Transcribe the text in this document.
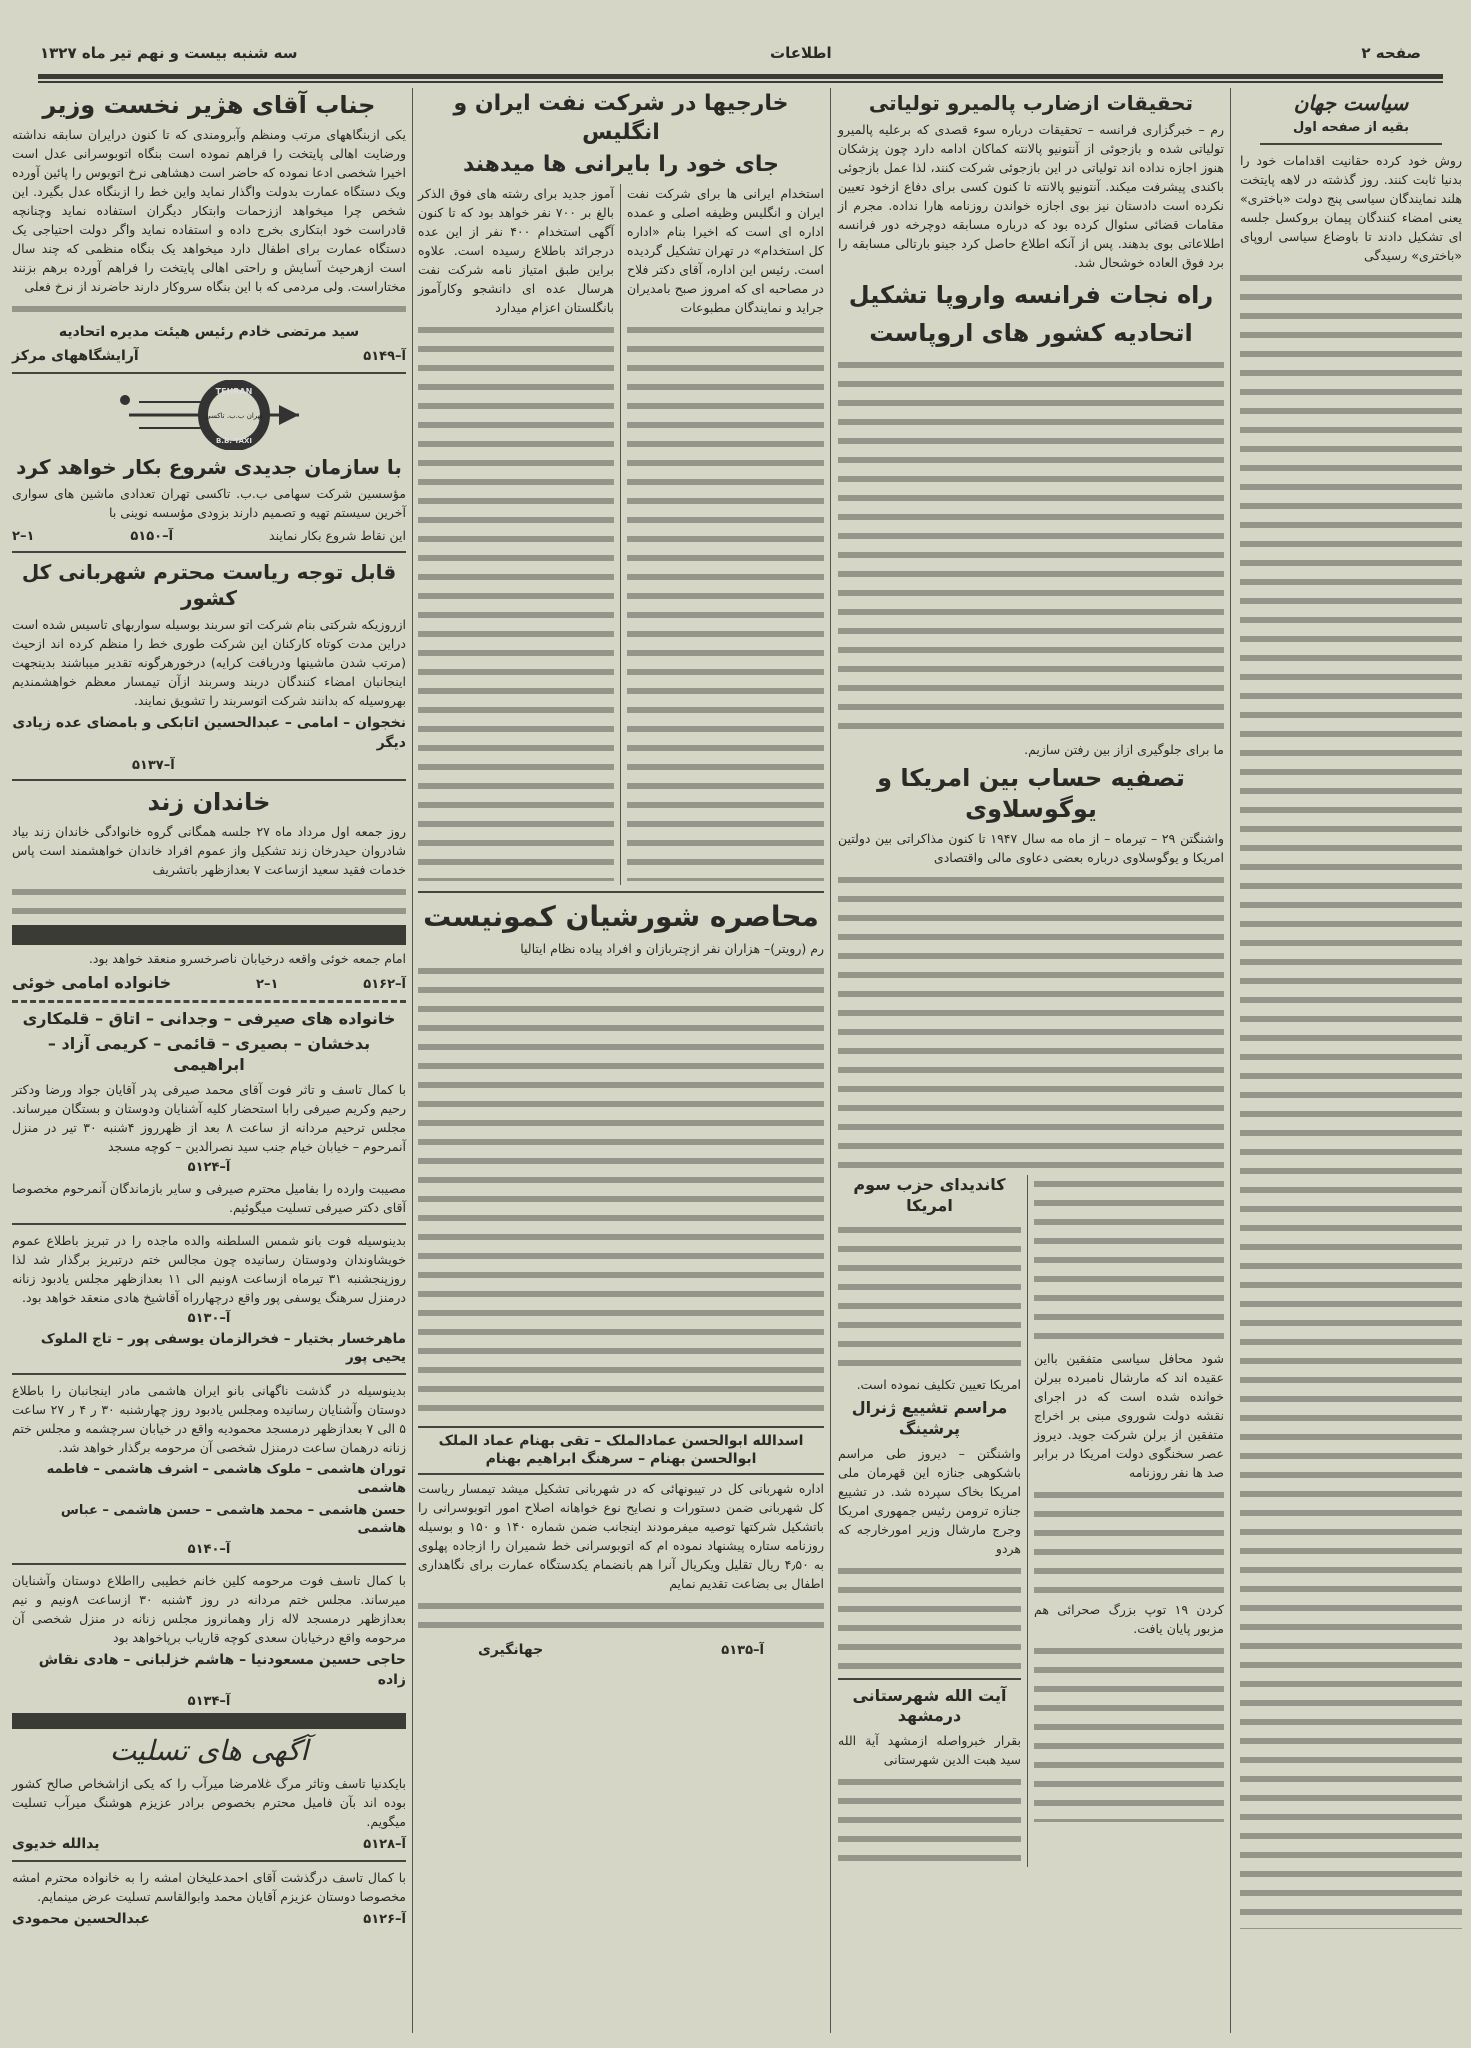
صفحه ۲
اطلاعات
سه شنبه بیست و نهم تیر ماه ۱۳۲۷
سیاست جهان
بقیه از صفحه اول
روش خود کرده حقانیت اقدامات خود را بدنیا ثابت کنند. روز گذشته در لاهه پایتخت هلند نمایندگان سیاسی پنج دولت «باختری» یعنی امضاء کنندگان پیمان بروکسل جلسه ای تشکیل دادند تا باوضاع سیاسی اروپای «باختری» رسیدگی
تحقیقات ازضارب پالمیرو تولیاتی
رم – خبرگزاری فرانسه – تحقیقات درباره سوء قصدی که برعلیه پالمیرو تولیاتی شده و بازجوئی از آنتونیو پالانته کماکان ادامه دارد چون پزشکان هنوز اجازه نداده اند تولیاتی در این بازجوئی شرکت کنند، لذا عمل بازجوئی باکندی پیشرفت میکند. آنتونیو پالانته تا کنون کسی برای دفاع ازخود تعیین نکرده است دادستان نیز بوی اجازه خواندن روزنامه هارا نداده. مجرم از مقامات قضائی سئوال کرده بود که درباره مسابقه دوچرخه دور فرانسه اطلاعاتی بوی بدهند. پس از آنکه اطلاع حاصل کرد جینو بارتالی مسابقه را برد فوق العاده خوشحال شد.
راه نجات فرانسه واروپا تشکیل اتحادیه کشور های اروپاست
ما برای جلوگیری ازاز بین رفتن سازیم.
تصفیه حساب بین امریکا و یوگوسلاوی
واشنگتن ۲۹ – تیرماه – از ماه مه سال ۱۹۴۷ تا کنون مذاکراتی بین دولتین امریکا و یوگوسلاوی درباره بعضی دعاوی مالی واقتصادی
شود محافل سیاسی متفقین بااین عقیده اند که مارشال نامبرده ببرلن خوانده شده است که در اجرای نقشه دولت شوروی مبنی بر اخراج متفقین از برلن شرکت جوید. دیروز عصر سخنگوی دولت امریکا در برابر صد ها نفر روزنامه
کردن ۱۹ توپ بزرگ صحرائی هم مزبور پایان یافت.
کاندیدای حزب سوم امریکا
امریکا تعیین تکلیف نموده است.
مراسم تشییع ژنرال پرشینگ
واشنگتن – دیروز طی مراسم باشکوهی جنازه این قهرمان ملی امریکا بخاک سپرده شد. در تشییع جنازه ترومن رئیس جمهوری امریکا وجرج مارشال وزیر امورخارجه که هردو
آیت الله شهرستانی درمشهد
بقرار خبرواصله ازمشهد آیة الله سید هبت الدین شهرستانی
خارجیها در شرکت نفت ایران و انگلیس
جای خود را بایرانی ها میدهند
استخدام ایرانی ها برای شرکت نفت ایران و انگلیس وظیفه اصلی و عمده اداره ای است که اخیرا بنام «اداره کل استخدام» در تهران تشکیل گردیده است. رئیس این اداره، آقای دکتر فلاح در مصاحبه ای که امروز صبح بامدیران جراید و نمایندگان مطبوعات
آموز جدید برای رشته های فوق الذکر بالغ بر ۷۰۰ نفر خواهد بود که تا کنون آگهی استخدام ۴۰۰ نفر از این عده درجرائد باطلاع رسیده است. علاوه براین طبق امتیاز نامه شرکت نفت هرسال عده ای دانشجو وکارآموز بانگلستان اعزام میدارد
محاصره شورشیان کمونیست
رم (رویتر)– هزاران نفر ازچتربازان و افراد پیاده نظام ایتالیا
اسدالله ابوالحسن عمادالملک – تقی بهنام عماد الملک
ابوالحسن بهنام – سرهنگ ابراهیم بهنام
اداره شهربانی کل در تیبونهائی که در شهربانی تشکیل میشد تیمسار ریاست کل شهربانی ضمن دستورات و نصایح نوع خواهانه اصلاح امور اتوبوسرانی را باتشکیل شرکتها توصیه میفرمودند اینجانب ضمن شماره ۱۴۰ و ۱۵۰ و بوسیله روزنامه ستاره پیشنهاد نموده ام که اتوبوسرانی خط شمیران را ازجاده پهلوی به ۴٫۵۰ ریال تقلیل ویکریال آنرا هم بانضمام یکدستگاه عمارت برای نگاهداری اطفال بی بضاعت تقدیم نمایم
آ–۵۱۳۵
جهانگیری
جناب آقای هژیر نخست وزیر
یکی ازبنگاههای مرتب ومنظم وآبرومندی که تا کنون درایران سابقه نداشته ورضایت اهالی پایتخت را فراهم نموده است بنگاه اتوبوسرانی عدل است اخیرا شخصی ادعا نموده که حاضر است دهشاهی نرخ اتوبوس را پائین آورده ویک دستگاه عمارت بدولت واگذار نماید واین خط را ازبنگاه عدل بگیرد. این شخص چرا میخواهد اززحمات وابتکار دیگران استفاده نماید وچنانچه قادراست خود ابتکاری بخرج داده و استفاده نماید واگر دولت احتیاجی یک دستگاه عمارت برای اطفال دارد میخواهد یک بنگاه منظمی که چند سال است ازهرحیث آسایش و راحتی اهالی پایتخت را فراهم آورده برهم بزنند مختاراست. ولی مردمی که با این بنگاه سروکار دارند حاضرند از نرخ فعلی
سید مرتضی خادم رئیس هیئت مدیره اتحادیه
آ–۵۱۴۹
آرایشگاههای مرکز
TEHRAN
B.B. TAXI
تهران ب.ب. تاکسی
با سازمان جدیدی شروع بکار خواهد کرد
مؤسسین شرکت سهامی ب.ب. تاکسی تهران تعدادی ماشین های سواری آخرین سیستم تهیه و تصمیم دارند بزودی مؤسسه نوینی با
این نقاط شروع بکار نمایند
آ–۵۱۵۰
۱–۲
قابل توجه ریاست محترم شهربانی کل کشور
ازروزیکه شرکتی بنام شرکت اتو سربند بوسیله سواربهای تاسیس شده است دراین مدت کوتاه کارکنان این شرکت طوری خط را منظم کرده اند ازحیث (مرتب شدن ماشینها ودریافت کرایه) درخورهرگونه تقدیر میباشند بدینجهت اینجانبان امضاء کنندگان دربند وسربند ازآن تیمسار معظم خواهشمندیم بهروسیله که بدانند شرکت اتوسربند را تشویق نمایند.
نخجوان – امامی – عبدالحسین اتابکی و بامضای عده زیادی دیگر
آ–۵۱۳۷
خاندان زند
روز جمعه اول مرداد ماه ۲۷ جلسه همگانی گروه خانوادگی خاندان زند بیاد شادروان حیدرخان زند تشکیل واز عموم افراد خاندان خواهشمند است پاس خدمات فقید سعید ازساعت ۷ بعدازظهر باتشریف
امام جمعه خوئی واقعه درخیابان ناصرخسرو منعقد خواهد بود.
آ–۵۱۶۲
۱–۲
خانواده امامی خوئی
خانواده های صیرفی – وجدانی – اتاق – قلمکاری
بدخشان – بصیری – قائمی – کریمی آزاد – ابراهیمی
با کمال تاسف و تاثر فوت آقای محمد صیرفی پدر آقایان جواد ورضا ودکتر رحیم وکریم صیرفی رابا استحضار کلیه آشنایان ودوستان و بستگان میرساند. مجلس ترحیم مردانه از ساعت ۸ بعد از ظهرروز ۴شنبه ۳۰ تیر در منزل آنمرحوم – خیابان خیام جنب سید نصرالدین – کوچه مسجد
آ–۵۱۲۴
مصیبت وارده را بفامیل محترم صیرفی و سایر بازماندگان آنمرحوم مخصوصا آقای دکتر صیرفی تسلیت میگوئیم.
بدینوسیله فوت بانو شمس السلطنه والده ماجده را در تبریز باطلاع عموم خویشاوندان ودوستان رسانیده چون مجالس ختم درتبریز برگذار شد لذا روزپنجشنبه ۳۱ تیرماه ازساعت ۸ونیم الی ۱۱ بعدازظهر مجلس یادبود زنانه درمنزل سرهنگ یوسفی پور واقع درچهارراه آقاشیخ هادی منعقد خواهد بود.
آ–۵۱۳۰
ماهرخسار بختیار – فخرالزمان یوسفی پور – تاج الملوک یحیی پور
بدینوسیله در گذشت ناگهانی بانو ایران هاشمی مادر اینجانبان را باطلاع دوستان وآشنایان رسانیده ومجلس یادبود روز چهارشنبه ۳۰ ر ۴ ر ۲۷ ساعت ۵ الی ۷ بعدازظهر درمسجد محمودیه واقع در خیابان سرچشمه و مجلس ختم زنانه درهمان ساعت درمنزل شخصی آن مرحومه برگذار خواهد شد.
توران هاشمی – ملوک هاشمی – اشرف هاشمی – فاطمه هاشمی
حسن هاشمی – محمد هاشمی – حسن هاشمی – عباس هاشمی
آ–۵۱۴۰
با کمال تاسف فوت مرحومه کلین خانم خطیبی رااطلاع دوستان وآشنایان میرساند. مجلس ختم مردانه در روز ۴شنبه ۳۰ ازساعت ۸ونیم و نیم بعدازظهر درمسجد لاله زار وهمانروز مجلس زنانه در منزل شخصی آن مرحومه واقع درخیابان سعدی کوچه قاریاب برپاخواهد بود
حاجی حسین مسعودنیا – هاشم خزلبانی – هادی نقاش زاده
آ–۵۱۳۴
آگهی های تسلیت
بایکدنیا تاسف وتاثر مرگ غلامرضا میرآب را که یکی ازاشخاص صالح کشور بوده اند بآن فامیل محترم بخصوص برادر عزیزم هوشنگ میرآب تسلیت میگویم.
آ–۵۱۲۸
یدالله خدیوی
با کمال تاسف درگذشت آقای احمدعلیخان امشه را به خانواده محترم امشه مخصوصا دوستان عزیزم آقایان محمد وابوالقاسم تسلیت عرض مینمایم.
آ–۵۱۲۶
عبدالحسین محمودی
